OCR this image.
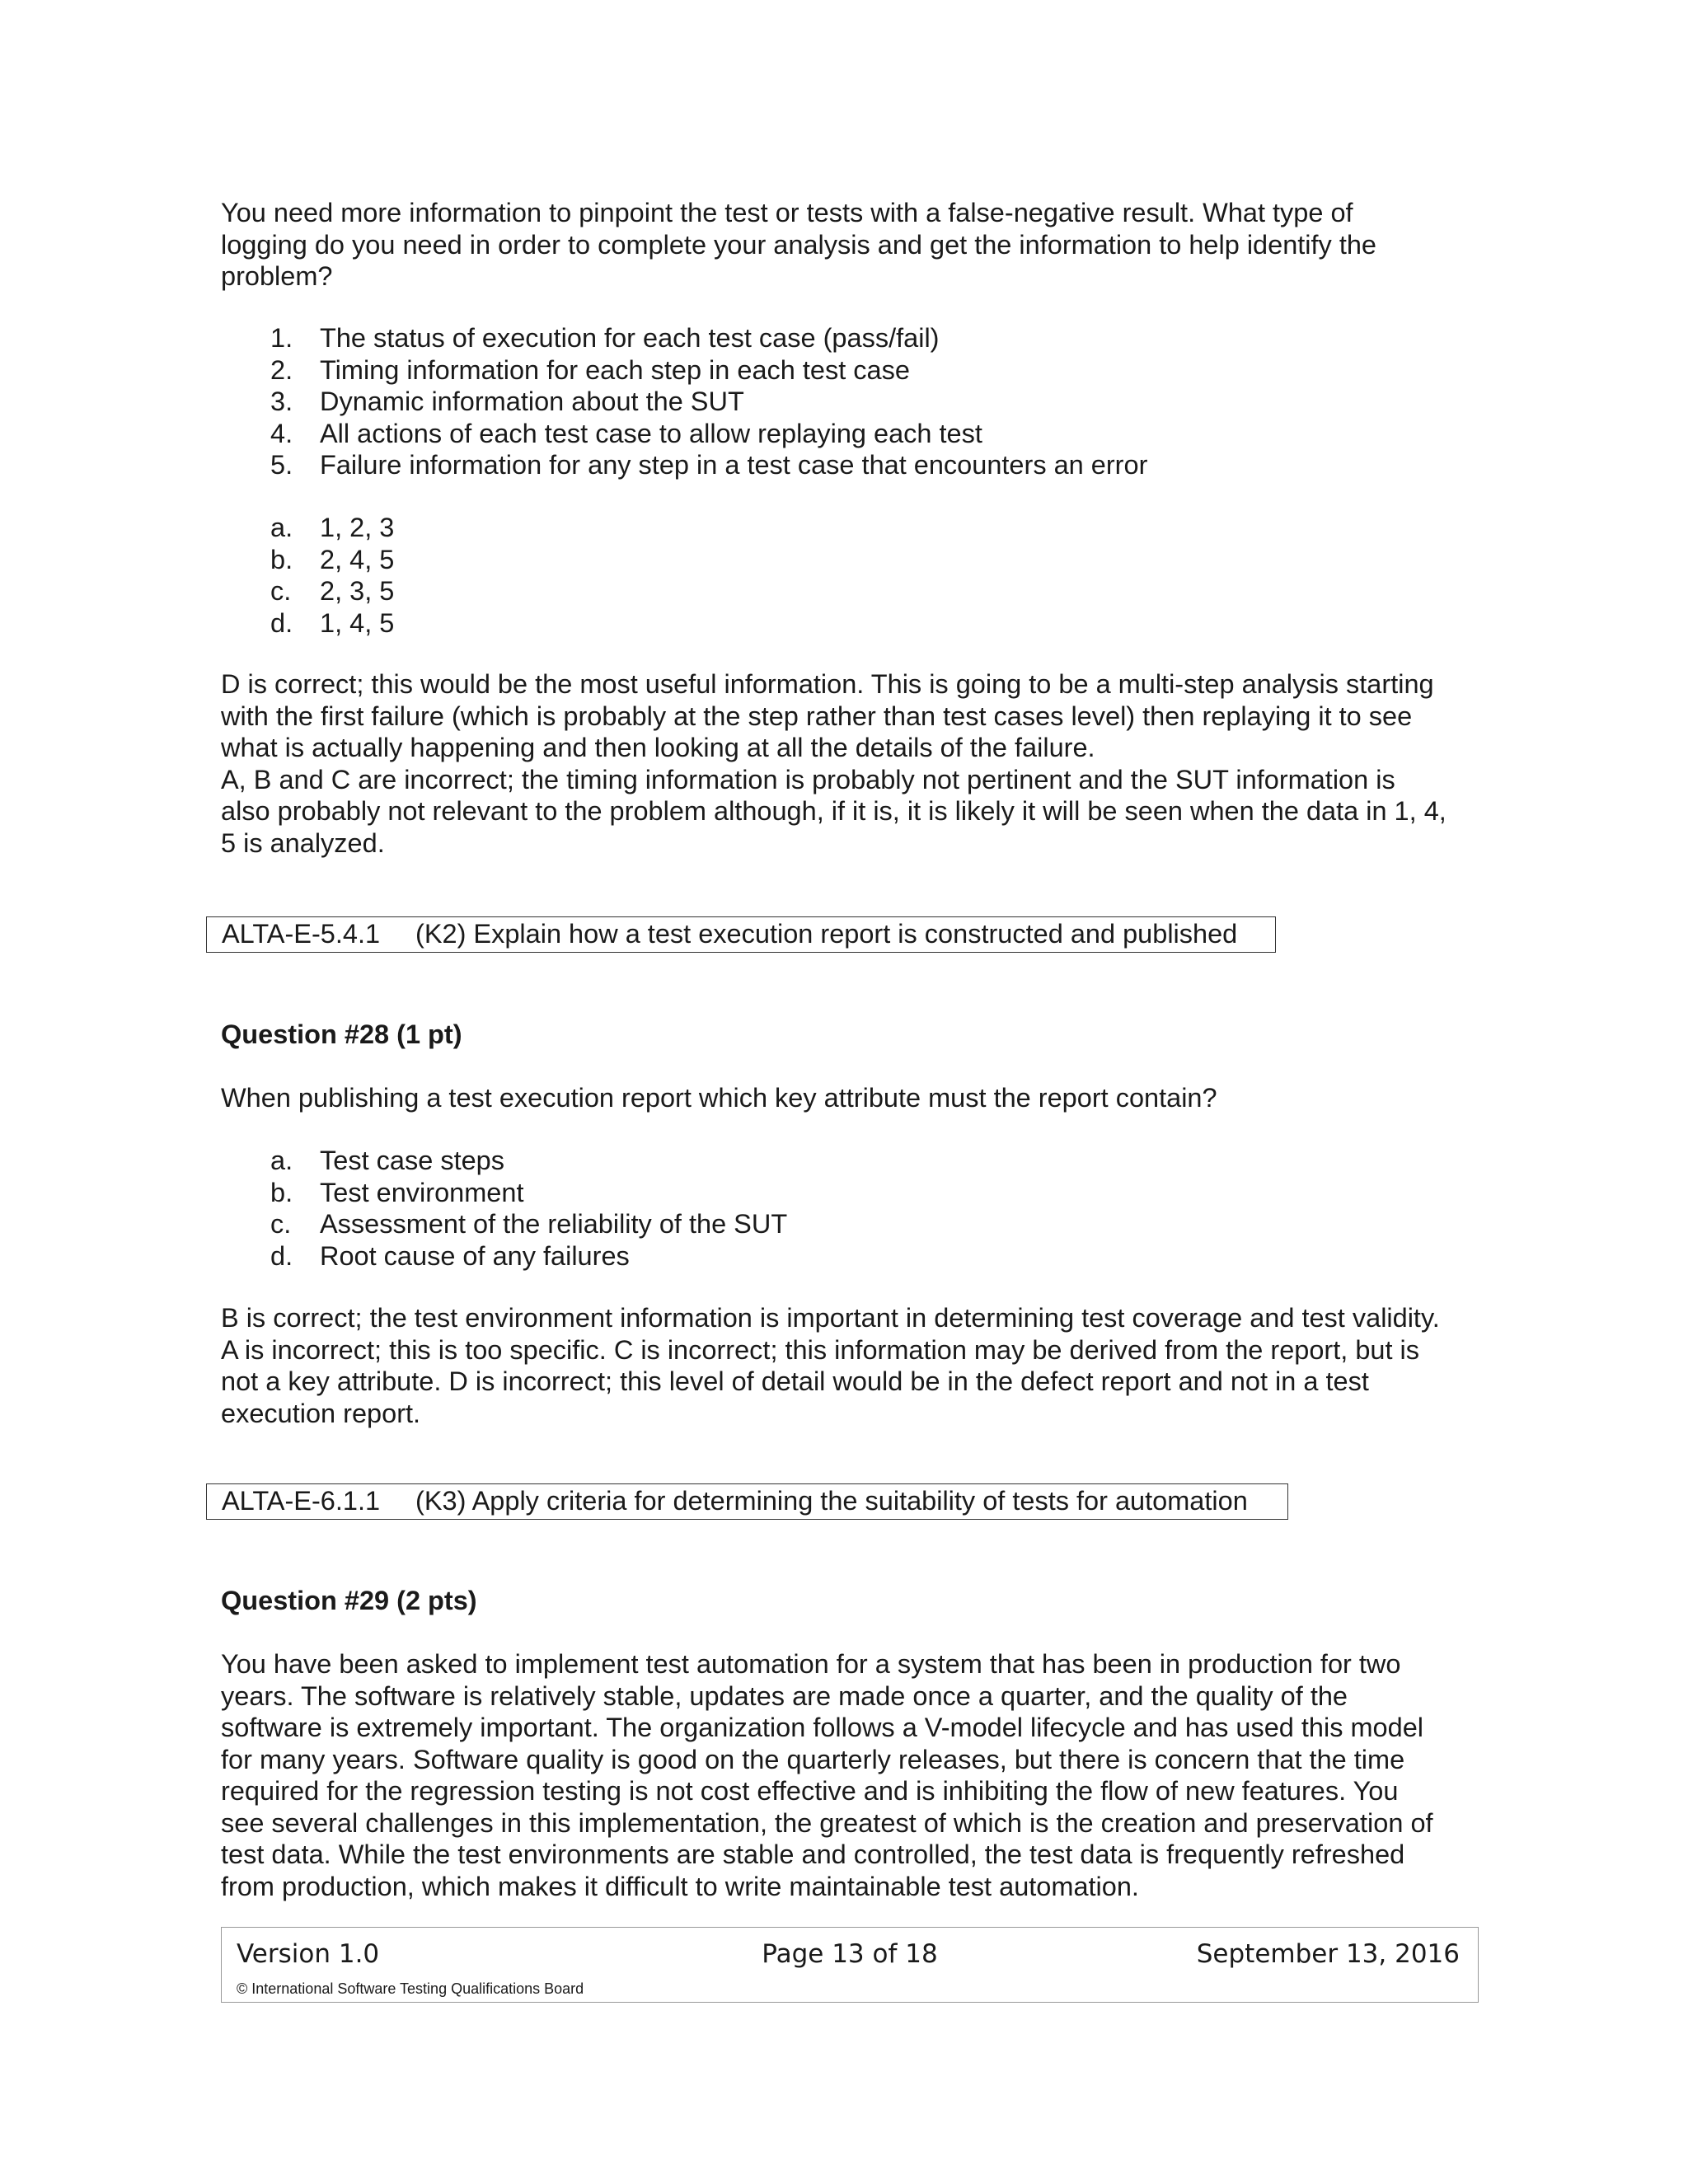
You need more information to pinpoint the test or tests with a false-negative result. What type of
logging do you need in order to complete your analysis and get the information to help identify the
problem?

1. The status of execution for each test case (pass/fail)
2. Timing information for each step in each test case
3. Dynamic information about the SUT
4. All actions of each test case to allow replaying each test
5. Failure information for any step in a test case that encounters an error
a. 1, 2, 3
b. 2, 4, 5
c. 2, 3, 5
d. 1, 4, 5

D is correct; this would be the most useful information. This is going to be a multi-step analysis starting
with the first failure (which is probably at the step rather than test cases level) then replaying it to see
what is actually happening and then looking at all the details of the failure.
A, B and C are incorrect; the timing information is probably not pertinent and the SUT information is
also probably not relevant to the problem although, if it is, it is likely it will be seen when the data in 1, 4,
5 is analyzed.

ALTA-E-5.4.1 (K2) Explain how a test execution report is constructed and published
Question #28 (1 pt)

When publishing a test execution report which key attribute must the report contain?

a. Test case steps
b. Test environment
c. Assessment of the reliability of the SUT
d. Root cause of any failures

B is correct; the test environment information is important in determining test coverage and test validity.
A is incorrect; this is too specific. C is incorrect; this information may be derived from the report, but is
not a key attribute. D is incorrect; this level of detail would be in the defect report and not in a test
execution report.

ALTA-E-6.1.1 (K3) Apply criteria for determining the suitability of tests for automation
Question #29 (2 pts)

You have been asked to implement test automation for a system that has been in production for two
years. The software is relatively stable, updates are made once a quarter, and the quality of the
software is extremely important. The organization follows a V-model lifecycle and has used this model
for many years. Software quality is good on the quarterly releases, but there is concern that the time
required for the regression testing is not cost effective and is inhibiting the flow of new features. You
see several challenges in this implementation, the greatest of which is the creation and preservation of
test data. While the test environments are stable and controlled, the test data is frequently refreshed
from production, which makes it difficult to write maintainable test automation.

Version 1.0	Page 13 of 18	September 13, 2016
© International Software Testing Qualifications Board
